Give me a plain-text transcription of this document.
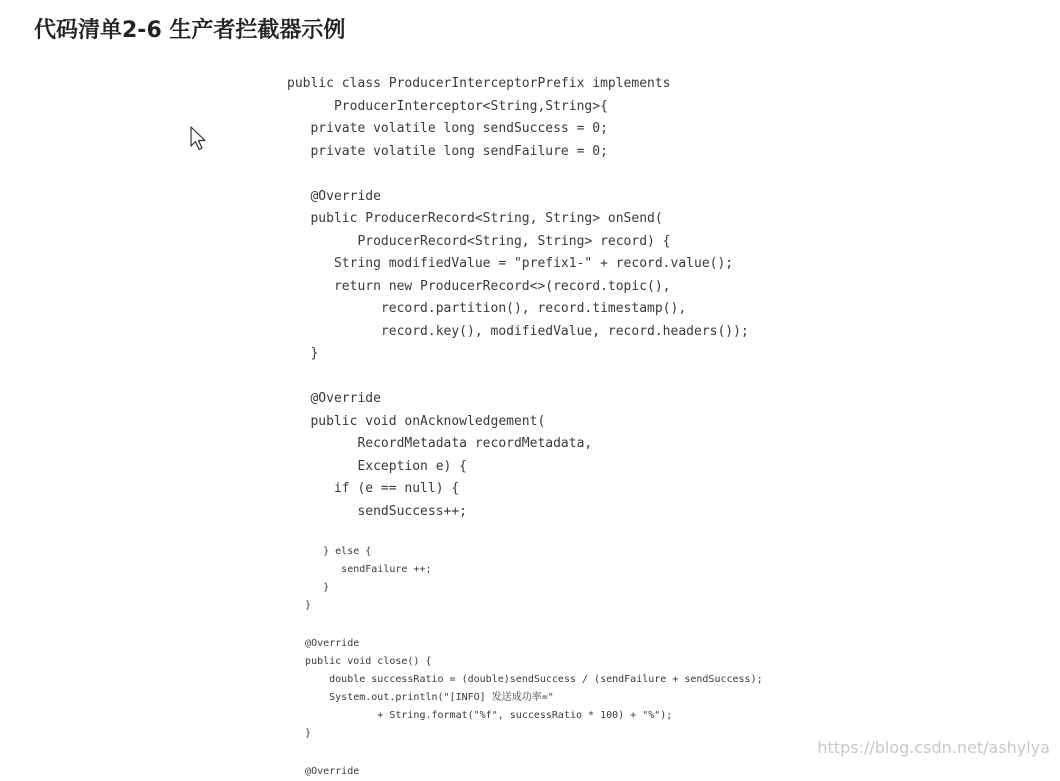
代码清单2-6 生产者拦截器示例
public class ProducerInterceptorPrefix implements
ProducerInterceptor<String,String>{
private volatile long sendSuccess = 0;
private volatile long sendFailure = 0;
@Override
public ProducerRecord<String, String> onSend(
ProducerRecord<String, String> record) {
String modifiedValue = "prefix1-" + record.value();
return new ProducerRecord<>(record.topic(),
record.partition(), record.timestamp(),
record.key(), modifiedValue, record.headers());
}
@Override
public void onAcknowledgement(
RecordMetadata recordMetadata,
Exception e) {
if (e == null) {
sendSuccess++;
} else {
sendFailure ++;
}
}
@Override
public void close() {
double successRatio = (double)sendSuccess / (sendFailure + sendSuccess);
System.out.println("[INFO] 发送成功率="
+ String.format("%f", successRatio * 100) + "%");
}
@Override
https://blog.csdn.net/ashylya
